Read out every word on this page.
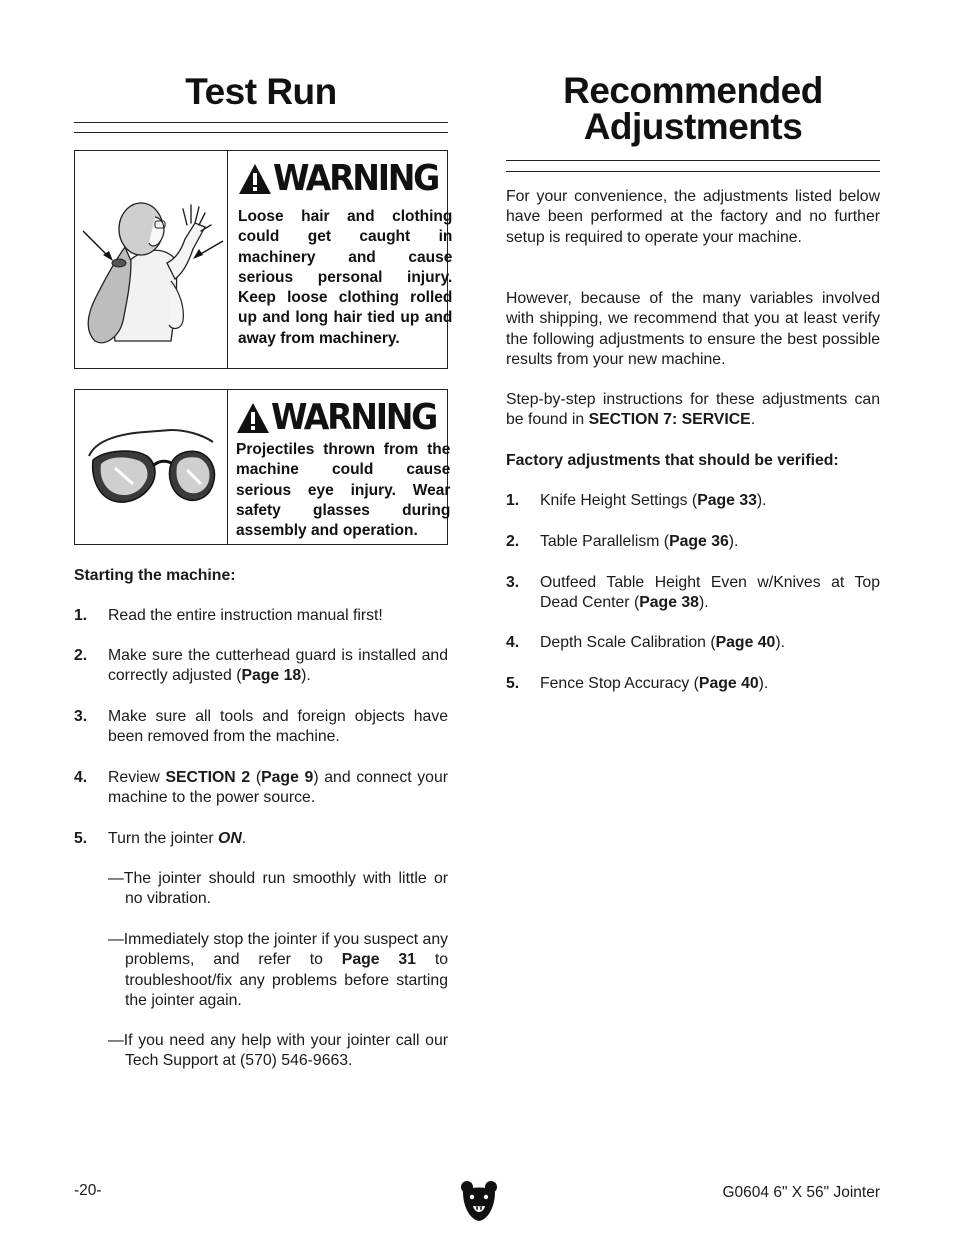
Test Run
WARNING
Loose hair and clothing could get caught in machinery and cause serious personal injury. Keep loose clothing rolled up and long hair tied up and away from machinery.
WARNING
Projectiles thrown from the machine could cause serious eye injury. Wear safety glasses during assembly and operation.
Starting the machine:
1.	Read the entire instruction manual first!
2.	Make sure the cutterhead guard is installed and correctly adjusted (Page 18).
3.	Make sure all tools and foreign objects have been removed from the machine.
4.	Review SECTION 2 (Page 9) and connect your machine to the power source.
5.	Turn the jointer ON.
—The jointer should run smoothly with little or no vibration.
—Immediately stop the jointer if you suspect any problems, and refer to Page 31 to troubleshoot/fix any problems before starting the jointer again.
—If you need any help with your jointer call our Tech Support at (570) 546-9663.
Recommended
Adjustments
For your convenience, the adjustments listed below have been performed at the factory and no further setup is required to operate your machine.
However, because of the many variables involved with shipping, we recommend that you at least verify the following adjustments to ensure the best possible results from your new machine.
Step-by-step instructions for these adjustments can be found in SECTION 7: SERVICE.
Factory adjustments that should be verified:
1.	Knife Height Settings (Page 33).
2.	Table Parallelism (Page 36).
3.	Outfeed Table Height Even w/Knives at Top Dead Center (Page 38).
4.	Depth Scale Calibration (Page 40).
5.	Fence Stop Accuracy (Page 40).
-20-	G0604 6" X 56" Jointer
